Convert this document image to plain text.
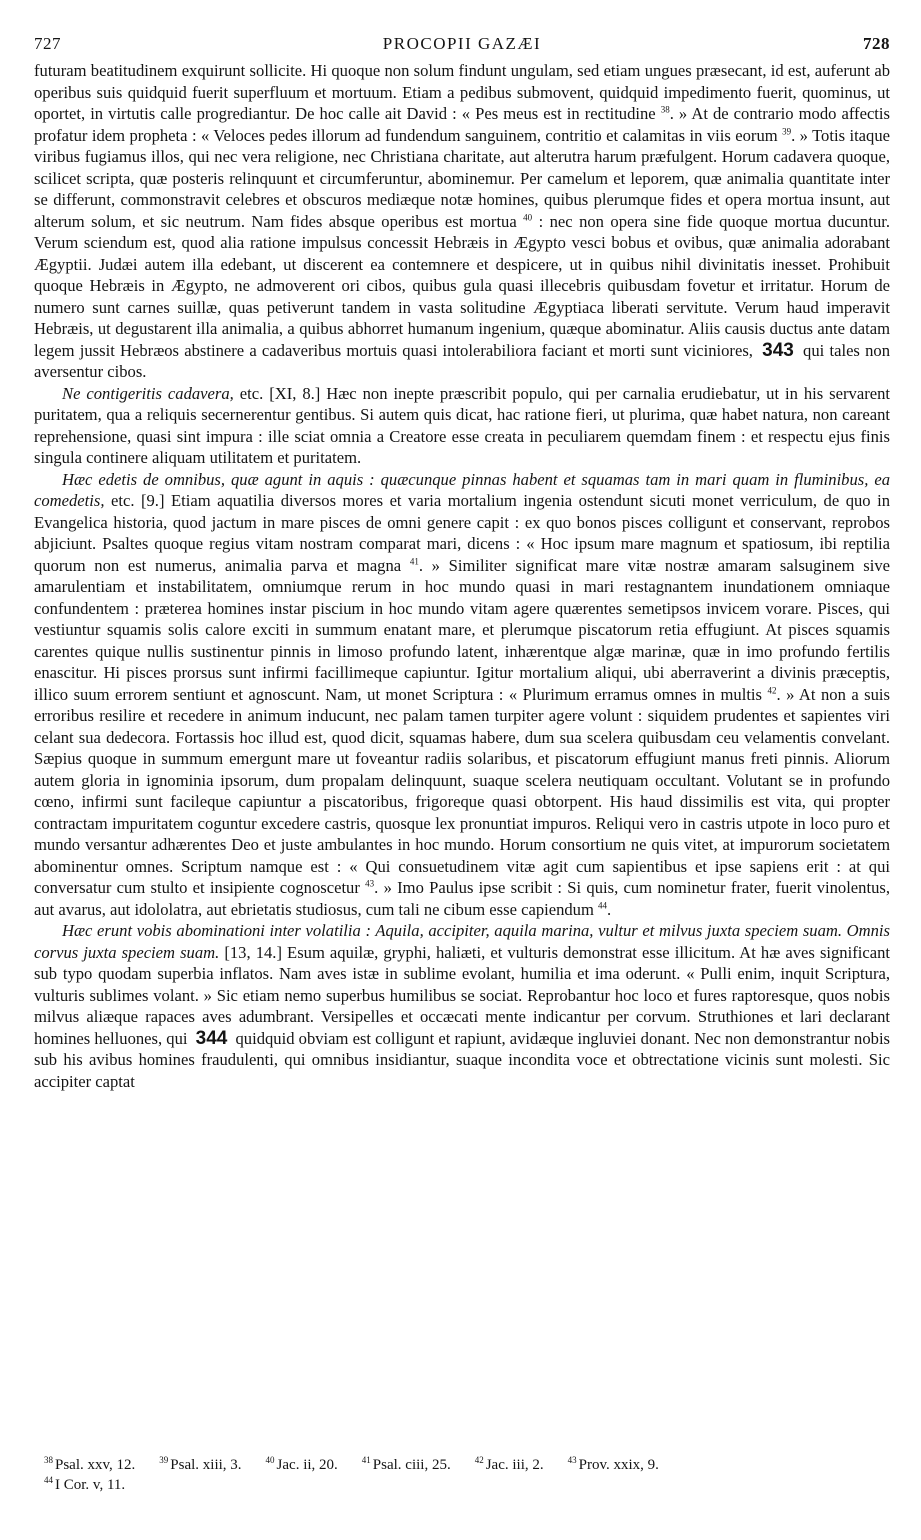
727	PROCOPII GAZÆI	728

futuram beatitudinem exquirunt sollicite. Hi quoque non solum findunt ungulam, sed etiam ungues præsecant, id est, auferunt ab operibus suis quidquid fuerit superfluum et mortuum. Etiam a pedibus submovent, quidquid impedimento fuerit, quominus, ut oportet, in virtutis calle progrediantur. De hoc calle ait David : « Pes meus est in rectitudine $^{38}$. » At de contrario modo affectis profatur idem propheta : « Veloces pedes illorum ad fundendum sanguinem, contritio et calamitas in viis eorum $^{39}$. » Totis itaque viribus fugiamus illos, qui nec vera religione, nec Christiana charitate, aut alterutra harum præfulgent. Horum cadavera quoque, scilicet scripta, quæ posteris relinquunt et circumferuntur, abominemur. Per camelum et leporem, quæ animalia quantitate inter se differunt, commonstravit celebres et obscuros mediæque notæ homines, quibus plerumque fides et opera mortua insunt, aut alterum solum, et sic neutrum. Nam fides absque operibus est mortua $^{40}$ : nec non opera sine fide quoque mortua ducuntur. Verum sciendum est, quod alia ratione impulsus concessit Hebræis in Ægypto vesci bobus et ovibus, quæ animalia adorabant Ægyptii. Judæi autem illa edebant, ut discerent ea contemnere et despicere, ut in quibus nihil divinitatis inesset. Prohibuit quoque Hebræis in Ægypto, ne admoverent ori cibos, quibus gula quasi illecebris quibusdam fovetur et irritatur. Horum de numero sunt carnes suillæ, quas petiverunt tandem in vasta solitudine Ægyptiaca liberati servitute. Verum haud imperavit Hebræis, ut degustarent illa animalia, a quibus abhorret humanum ingenium, quæque abominatur. Aliis causis ductus ante datam legem jussit Hebræos abstinere a cadaveribus mortuis quasi intolerabiliora faciant et morti sunt viciniores, 343 qui tales non aversentur cibos.

Ne contigeritis cadavera, etc. [XI, 8.] Hæc non inepte præscribit populo, qui per carnalia erudiebatur, ut in his servarent puritatem, qua a reliquis secernerentur gentibus. Si autem quis dicat, hac ratione fieri, ut plurima, quæ habet natura, non careant reprehensione, quasi sint impura : ille sciat omnia a Creatore esse creata in peculiarem quemdam finem : et respectu ejus finis singula continere aliquam utilitatem et puritatem.

Hæc edetis de omnibus, quæ agunt in aquis : quæcunque pinnas habent et squamas tam in mari quam in fluminibus, ea comedetis, etc. [9.] Etiam aquatilia diversos mores et varia mortalium ingenia ostendunt sicuti monet verriculum, de quo in Evangelica historia, quod jactum in mare pisces de omni genere capit : ex quo bonos pisces colligunt et conservant, reprobos abjiciunt. Psaltes quoque regius vitam nostram comparat mari, dicens : « Hoc ipsum mare magnum et spatiosum, ibi reptilia quorum non est numerus, animalia parva et magna $^{41}$. » Similiter significat mare vitæ nostræ amaram salsuginem sive amarulentiam et instabilitatem, omniumque rerum in hoc mundo quasi in mari restagnantem inundationem omniaque confundentem : præterea homines instar piscium in hoc mundo vitam agere quærentes semetipsos invicem vorare. Pisces, qui vestiuntur squamis solis calore exciti in summum enatant mare, et plerumque piscatorum retia effugiunt. At pisces squamis carentes quique nullis sustinentur pinnis in limoso profundo latent, inhærentque algæ marinæ, quæ in imo profundo fertilis enascitur. Hi pisces prorsus sunt infirmi facillimeque capiuntur. Igitur mortalium aliqui, ubi aberraverint a divinis præceptis, illico suum errorem sentiunt et agnoscunt. Nam, ut monet Scriptura : « Plurimum erramus omnes in multis $^{42}$. » At non a suis erroribus resilire et recedere in animum inducunt, nec palam tamen turpiter agere volunt : siquidem prudentes et sapientes viri celant sua dedecora. Fortassis hoc illud est, quod dicit, squamas habere, dum sua scelera quibusdam ceu velamentis convelant. Sæpius quoque in summum emergunt mare ut foveantur radiis solaribus, et piscatorum effugiunt manus freti pinnis. Aliorum autem gloria in ignominia ipsorum, dum propalam delinquunt, suaque scelera neutiquam occultant. Volutant se in profundo cœno, infirmi sunt facileque capiuntur a piscatoribus, frigoreque quasi obtorpent. His haud dissimilis est vita, qui propter contractam impuritatem coguntur excedere castris, quosque lex pronuntiat impuros. Reliqui vero in castris utpote in loco puro et mundo versantur adhærentes Deo et juste ambulantes in hoc mundo. Horum consortium ne quis vitet, at impurorum societatem abominentur omnes. Scriptum namque est : « Qui consuetudinem vitæ agit cum sapientibus et ipse sapiens erit : at qui conversatur cum stulto et insipiente cognoscetur $^{43}$. » Imo Paulus ipse scribit : Si quis, cum nominetur frater, fuerit vinolentus, aut avarus, aut idololatra, aut ebrietatis studiosus, cum tali ne cibum esse capiendum $^{44}$.

Hæc erunt vobis abominationi inter volatilia : Aquila, accipiter, aquila marina, vultur et milvus juxta speciem suam. Omnis corvus juxta speciem suam. [13, 14.] Esum aquilæ, gryphi, haliæti, et vulturis demonstrat esse illicitum. At hæ aves significant sub typo quodam superbia inflatos. Nam aves istæ in sublime evolant, humilia et ima oderunt. « Pulli enim, inquit Scriptura, vulturis sublimes volant. » Sic etiam nemo superbus humilibus se sociat. Reprobantur hoc loco et fures raptoresque, quos nobis milvus aliæque rapaces aves adumbrant. Versipelles et occæcati mente indicantur per corvum. Struthiones et lari declarant homines helluones, qui 344 quidquid obviam est colligunt et rapiunt, avidæque ingluviei donant. Nec non demonstrantur nobis sub his avibus homines fraudulenti, qui omnibus insidiantur, suaque incondita voce et obtrectatione vicinis sunt molesti. Sic accipiter captat

$^{38}$ Psal. xxv, 12.	$^{39}$ Psal. xiii, 3.	$^{40}$ Jac. ii, 20.	$^{41}$ Psal. ciii, 25.	$^{42}$ Jac. iii, 2.	$^{43}$ Prov. xxix, 9.
$^{44}$ I Cor. v, 11.
